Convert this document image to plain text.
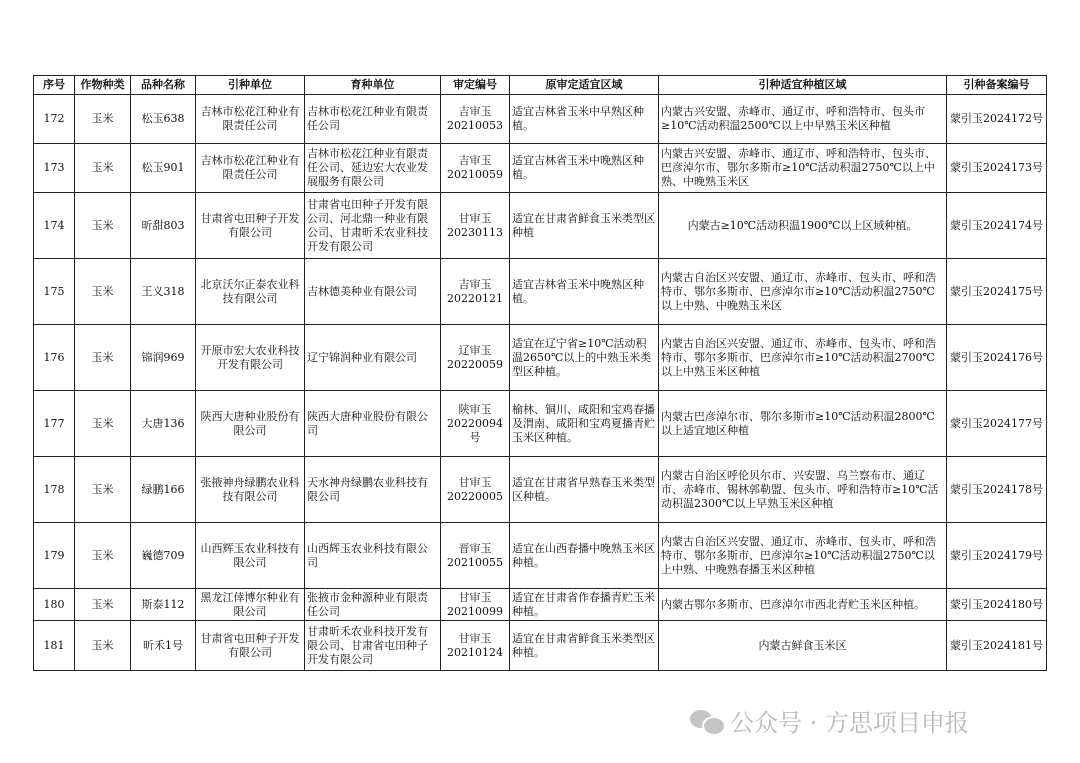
序号	作物种类	品种名称	引种单位	育种单位	审定编号	原审定适宜区域	引种适宜种植区域	引种备案编号
172	玉米	松玉638	吉林市松花江种业有限责任公司	吉林市松花江种业有限责任公司	吉审玉20210053	适宜吉林省玉米中早熟区种植。	内蒙古兴安盟、赤峰市、通辽市、呼和浩特市、包头市≥10℃活动积温2500℃以上中早熟玉米区种植	蒙引玉2024172号
173	玉米	松玉901	吉林市松花江种业有限责任公司	吉林市松花江种业有限责任公司、延边宏大农业发展服务有限公司	吉审玉20210059	适宜吉林省玉米中晚熟区种植。	内蒙古兴安盟、赤峰市、通辽市、呼和浩特市、包头市、巴彦淖尔市、鄂尔多斯市≥10℃活动积温2750℃以上中熟、中晚熟玉米区	蒙引玉2024173号
174	玉米	昕甜803	甘肃省屯田种子开发有限公司	甘肃省屯田种子开发有限公司、河北鼎一种业有限公司、甘肃昕禾农业科技开发有限公司	甘审玉20230113	适宜在甘肃省鲜食玉米类型区种植	内蒙古≥10℃活动积温1900℃以上区域种植。	蒙引玉2024174号
175	玉米	王义318	北京沃尔正泰农业科技有限公司	吉林德美种业有限公司	吉审玉20220121	适宜吉林省玉米中晚熟区种植。	内蒙古自治区兴安盟、通辽市、赤峰市、包头市、呼和浩特市、鄂尔多斯市、巴彦淖尔市≥10℃活动积温2750℃以上中熟、中晚熟玉米区	蒙引玉2024175号
176	玉米	锦润969	开原市宏大农业科技开发有限公司	辽宁锦润种业有限公司	辽审玉20220059	适宜在辽宁省≥10℃活动积温2650℃以上的中熟玉米类型区种植。	内蒙古自治区兴安盟、通辽市、赤峰市、包头市、呼和浩特市、鄂尔多斯市、巴彦淖尔市≥10℃活动积温2700℃以上中熟玉米区种植	蒙引玉2024176号
177	玉米	大唐136	陕西大唐种业股份有限公司	陕西大唐种业股份有限公司	陕审玉20220094号	榆林、铜川、咸阳和宝鸡春播及渭南、咸阳和宝鸡夏播青贮玉米区种植。	内蒙古巴彦淖尔市、鄂尔多斯市≥10℃活动积温2800℃以上适宜地区种植	蒙引玉2024177号
178	玉米	绿鹏166	张掖神舟绿鹏农业科技有限公司	天水神舟绿鹏农业科技有限公司	甘审玉20220005	适宜在甘肃省早熟春玉米类型区种植。	内蒙古自治区呼伦贝尔市、兴安盟、乌兰察布市、通辽市、赤峰市、锡林郭勒盟、包头市、呼和浩特市≥10℃活动积温2300℃以上早熟玉米区种植	蒙引玉2024178号
179	玉米	巍德709	山西辉玉农业科技有限公司	山西辉玉农业科技有限公司	晋审玉20210055	适宜在山西春播中晚熟玉米区种植。	内蒙古自治区兴安盟、通辽市、赤峰市、包头市、呼和浩特市、鄂尔多斯市、巴彦淖尔≥10℃活动积温2750℃以上中熟、中晚熟春播玉米区种植	蒙引玉2024179号
180	玉米	斯泰112	黑龙江倖博尔种业有限公司	张掖市金种源种业有限责任公司	甘审玉20210099	适宜在甘肃省作春播青贮玉米种植。	内蒙古鄂尔多斯市、巴彦淖尔市西北青贮玉米区种植。	蒙引玉2024180号
181	玉米	昕禾1号	甘肃省屯田种子开发有限公司	甘肃昕禾农业科技开发有限公司、甘肃省屯田种子开发有限公司	甘审玉20210124	适宜在甘肃省鲜食玉米类型区种植。	内蒙古鲜食玉米区	蒙引玉2024181号
公众号 · 方思项目申报
